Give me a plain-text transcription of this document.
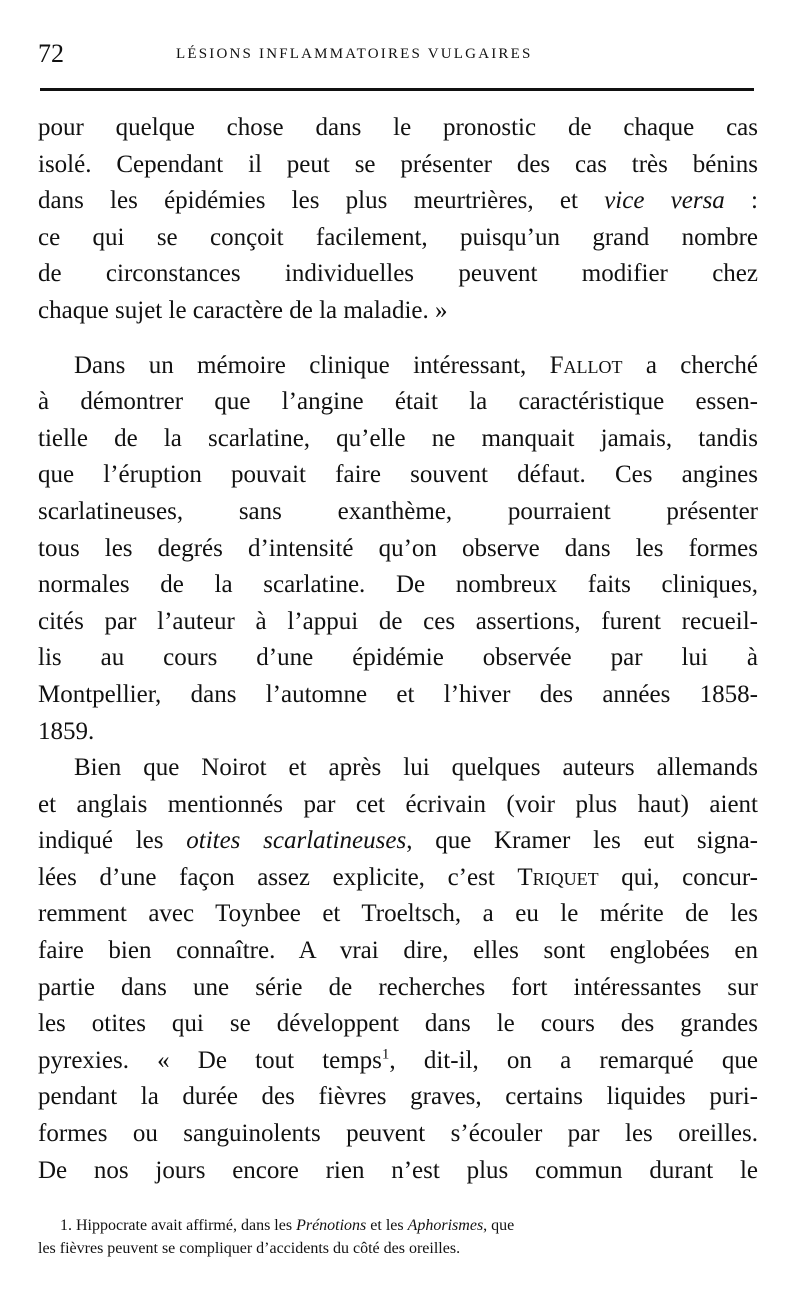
72	LÉSIONS INFLAMMATOIRES VULGAIRES

pour quelque chose dans le pronostic de chaque cas
isolé. Cependant il peut se présenter des cas très bénins
dans les épidémies les plus meurtrières, et vice versa :
ce qui se conçoit facilement, puisqu’un grand nombre
de circonstances individuelles peuvent modifier chez
chaque sujet le caractère de la maladie. »

Dans un mémoire clinique intéressant, Fallot a cherché
à démontrer que l’angine était la caractéristique essen-
tielle de la scarlatine, qu’elle ne manquait jamais, tandis
que l’éruption pouvait faire souvent défaut. Ces angines
scarlatineuses, sans exanthème, pourraient présenter
tous les degrés d’intensité qu’on observe dans les formes
normales de la scarlatine. De nombreux faits cliniques,
cités par l’auteur à l’appui de ces assertions, furent recueil-
lis au cours d’une épidémie observée par lui à
Montpellier, dans l’automne et l’hiver des années 1858-
1859.

Bien que Noirot et après lui quelques auteurs allemands
et anglais mentionnés par cet écrivain (voir plus haut) aient
indiqué les otites scarlatineuses, que Kramer les eut signa-
lées d’une façon assez explicite, c’est Triquet qui, concur-
remment avec Toynbee et Troeltsch, a eu le mérite de les
faire bien connaître. A vrai dire, elles sont englobées en
partie dans une série de recherches fort intéressantes sur
les otites qui se développent dans le cours des grandes
pyrexies. « De tout temps$^1$, dit-il, on a remarqué que
pendant la durée des fièvres graves, certains liquides puri-
formes ou sanguinolents peuvent s’écouler par les oreilles.
De nos jours encore rien n’est plus commun durant le

1. Hippocrate avait affirmé, dans les Prénotions et les Aphorismes, que
les fièvres peuvent se compliquer d’accidents du côté des oreilles.
